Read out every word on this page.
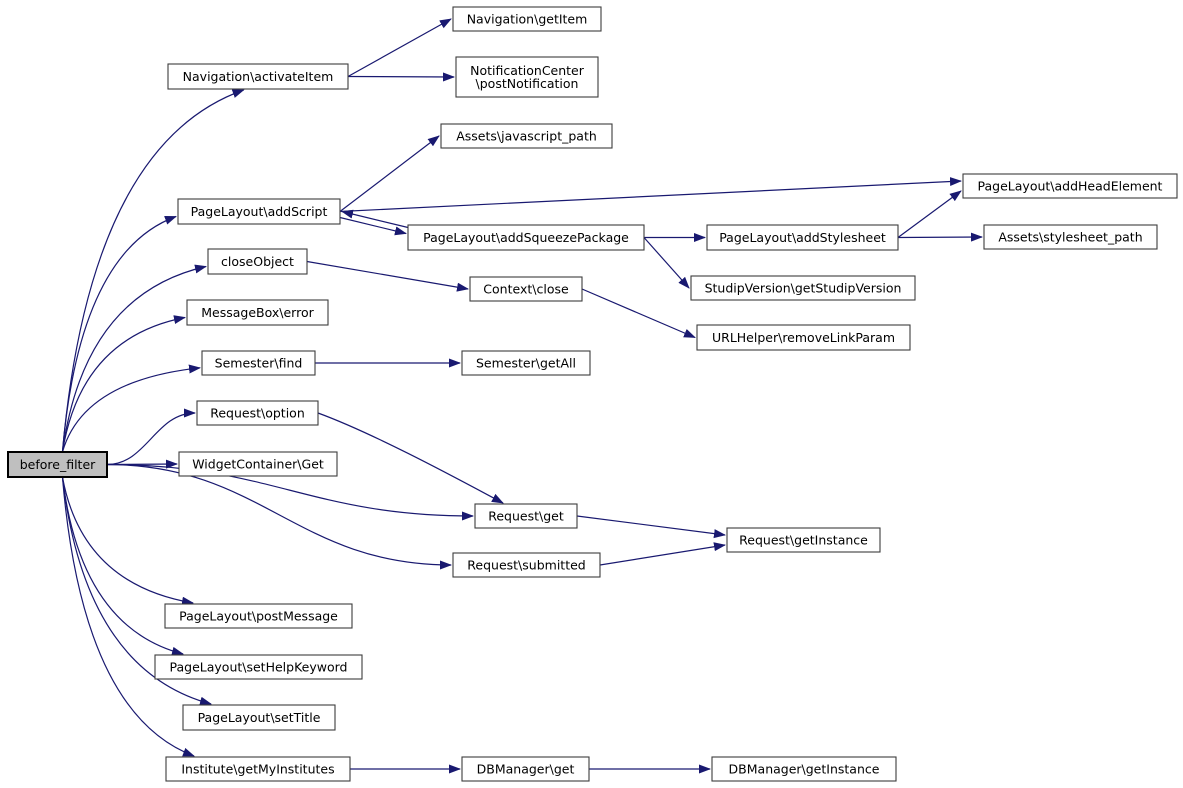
before_filter
Navigation\activateItem
Navigation\getItem
NotificationCenter
\postNotification
Assets\javascript_path
PageLayout\addScript
PageLayout\addSqueezePackage	PageLayout\addStylesheet
PageLayout\addHeadElement
Assets\stylesheet_path
closeObject
Context\close	StudipVersion\getStudipVersion
URLHelper\removeLinkParam
MessageBox\error
Semester\find	Semester\getAll
Request\option
WidgetContainer\Get
Request\get
Request\getInstance
Request\submitted
PageLayout\postMessage
PageLayout\setHelpKeyword
PageLayout\setTitle
Institute\getMyInstitutes	DBManager\get	DBManager\getInstance
